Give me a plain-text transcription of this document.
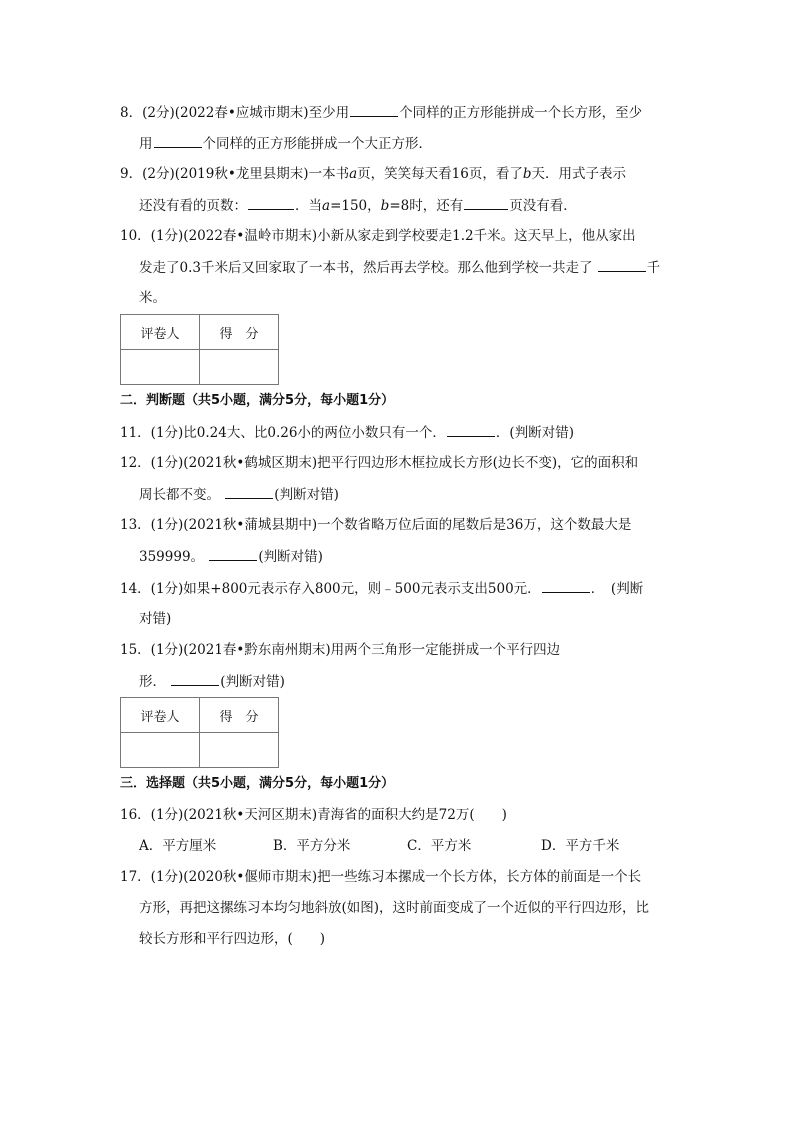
8．(2分)(2022春•应城市期末)至少用	个同样的正方形能拼成一个长方形，至少
用	个同样的正方形能拼成一个大正方形．
9．(2分)(2019秋•龙里县期末)一本书a页，笑笑每天看16页，看了b天．用式子表示
还没有看的页数：	．当a=150，b=8时，还有	页没有看．
10．(1分)(2022春•温岭市期末)小新从家走到学校要走1.2千米。这天早上，他从家出
发走了0.3千米后又回家取了一本书，然后再去学校。那么他到学校一共走了	千
米。
评卷人	得　分

二．判断题（共5小题，满分5分，每小题1分）
11．(1分)比0.24大、比0.26小的两位小数只有一个．	．(判断对错)
12．(1分)(2021秋•鹤城区期末)把平行四边形木框拉成长方形(边长不变)，它的面积和
周长都不变。	(判断对错)
13．(1分)(2021秋•蒲城县期中)一个数省略万位后面的尾数后是36万，这个数最大是
359999。	(判断对错)
14．(1分)如果+800元表示存入800元，则﹣500元表示支出500元．	．　(判断
对错)
15．(1分)(2021春•黔东南州期末)用两个三角形一定能拼成一个平行四边
形．	(判断对错)
评卷人	得　分

三．选择题（共5小题，满分5分，每小题1分）
16．(1分)(2021秋•天河区期末)青海省的面积大约是72万(　　)
A．平方厘米	B．平方分米	C．平方米	D．平方千米
17．(1分)(2020秋•偃师市期末)把一些练习本摞成一个长方体，长方体的前面是一个长
方形，再把这摞练习本均匀地斜放(如图)，这时前面变成了一个近似的平行四边形，比
较长方形和平行四边形，(　　)
